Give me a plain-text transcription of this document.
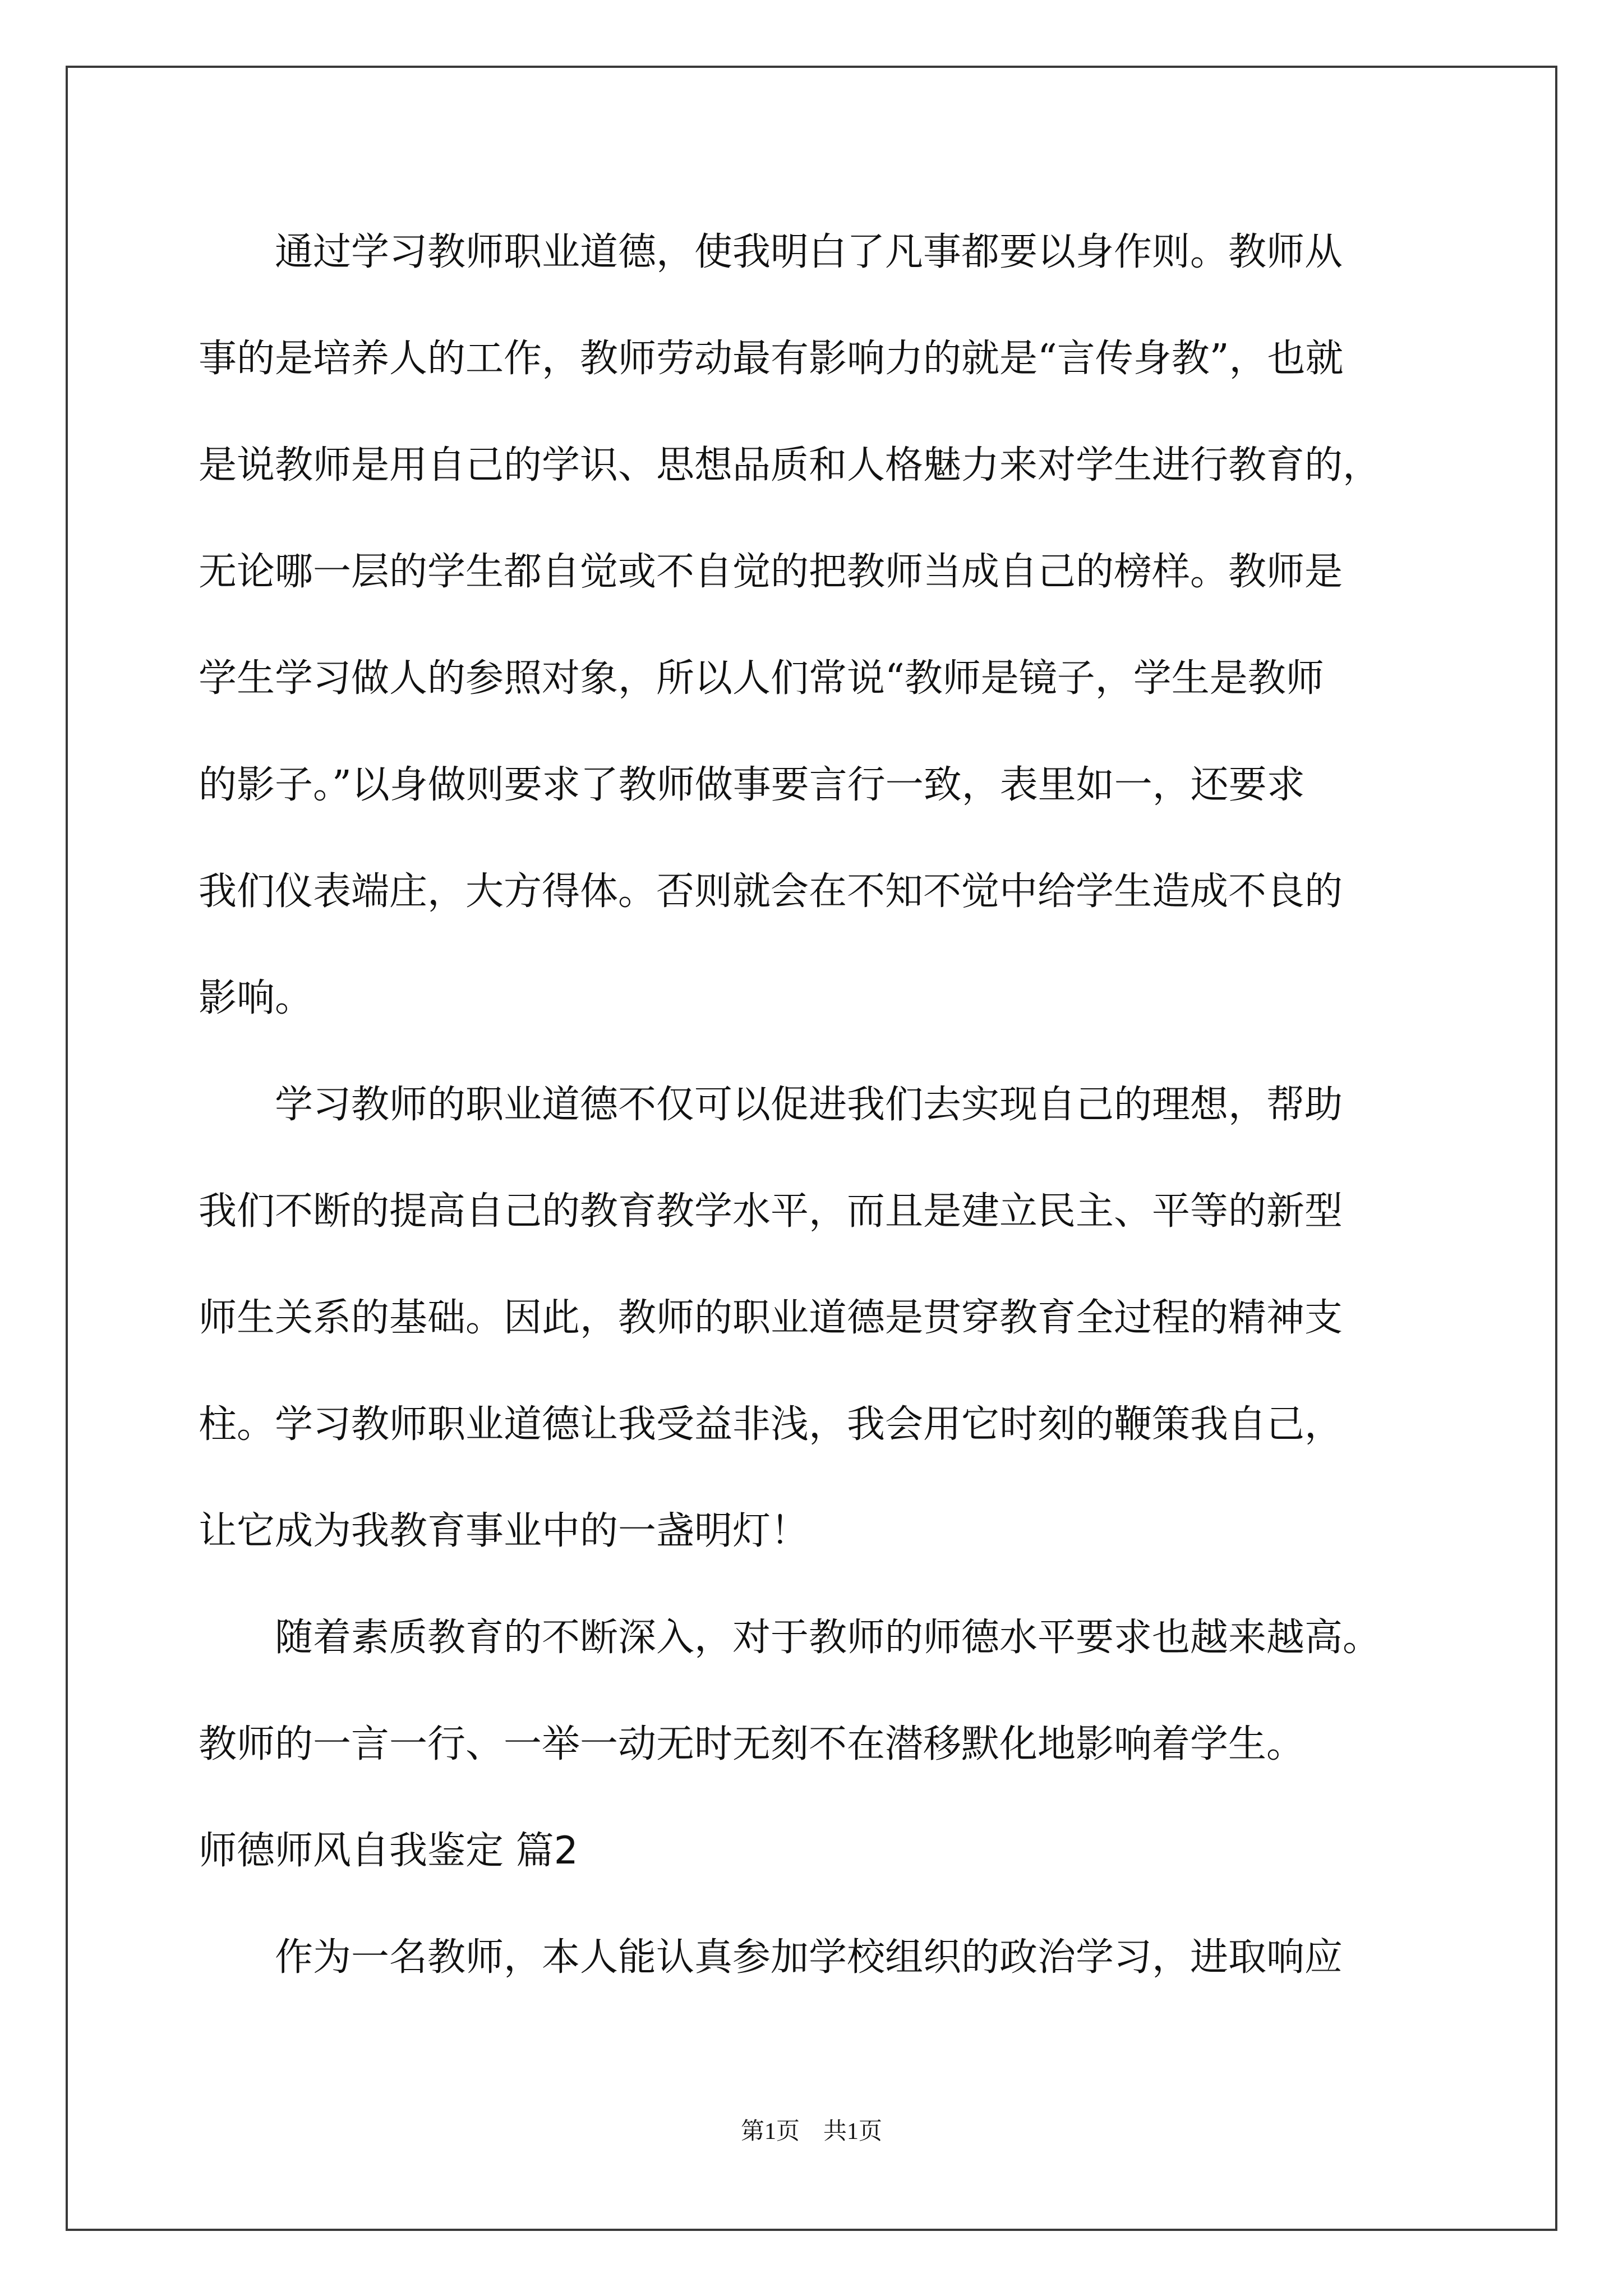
　　通过学习教师职业道德，使我明白了凡事都要以身作则。教师从
事的是培养人的工作，教师劳动最有影响力的就是“言传身教”，也就
是说教师是用自己的学识、思想品质和人格魅力来对学生进行教育的，
无论哪一层的学生都自觉或不自觉的把教师当成自己的榜样。教师是
学生学习做人的参照对象，所以人们常说“教师是镜子，学生是教师
的影子。”以身做则要求了教师做事要言行一致，表里如一，还要求
我们仪表端庄，大方得体。否则就会在不知不觉中给学生造成不良的
影响。
　　学习教师的职业道德不仅可以促进我们去实现自己的理想，帮助
我们不断的提高自己的教育教学水平，而且是建立民主、平等的新型
师生关系的基础。因此，教师的职业道德是贯穿教育全过程的精神支
柱。学习教师职业道德让我受益非浅，我会用它时刻的鞭策我自己，
让它成为我教育事业中的一盏明灯！
　　随着素质教育的不断深入，对于教师的师德水平要求也越来越高。
教师的一言一行、一举一动无时无刻不在潜移默化地影响着学生。
师德师风自我鉴定 篇2
　　作为一名教师，本人能认真参加学校组织的政治学习，进取响应
第1页　共1页
